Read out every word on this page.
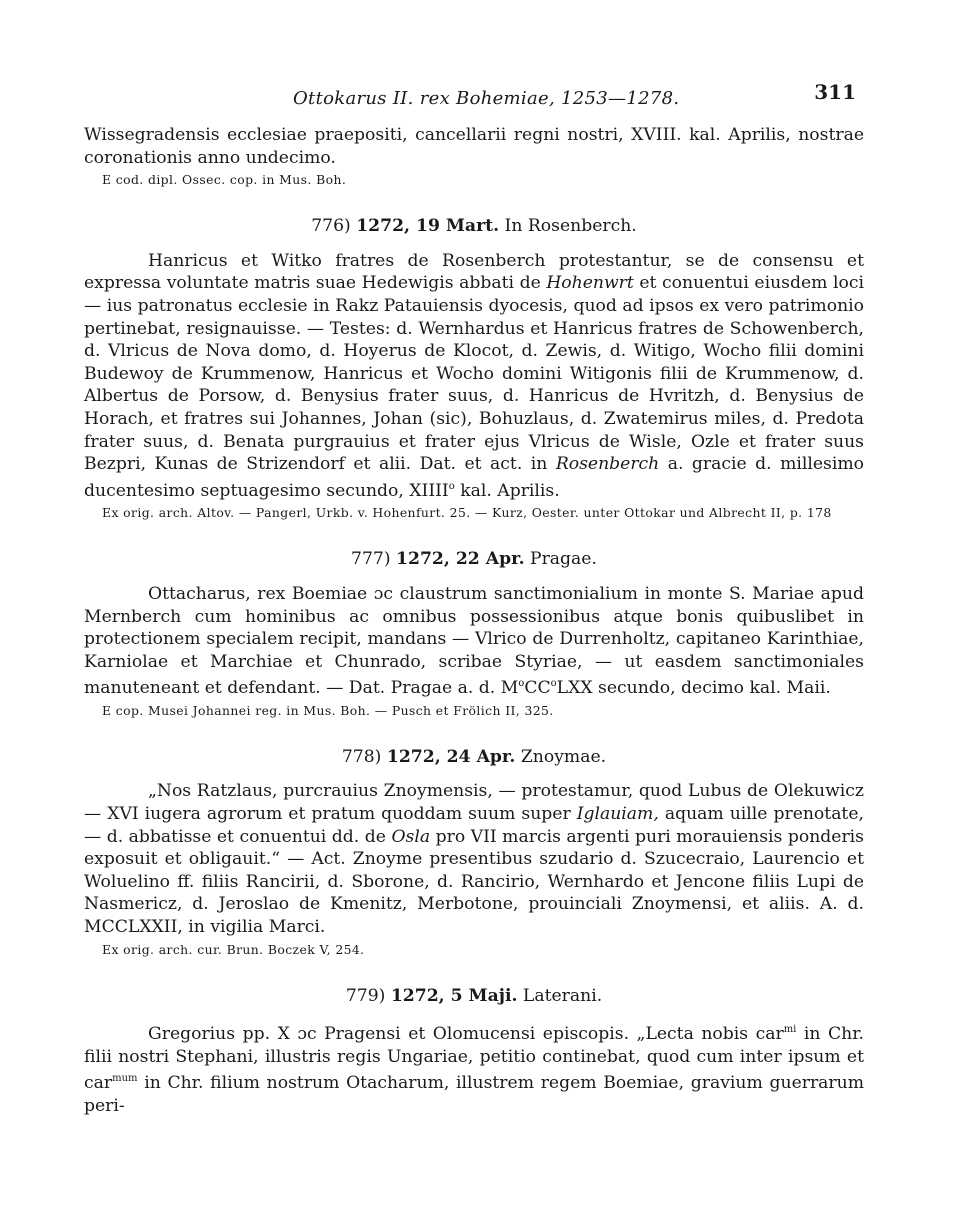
Ottokarus II. rex Bohemiae, 1253—1278.	311

Wissegradensis ecclesiae praepositi, cancellarii regni nostri, XVIII. kal. Aprilis, nostrae coronationis anno undecimo.

E cod. dipl. Ossec. cop. in Mus. Boh.

776) 1272, 19 Mart. In Rosenberch.

Hanricus et Witko fratres de Rosenberch protestantur, se de consensu et expressa voluntate matris suae Hedewigis abbati de Hohenwrt et conuentui eiusdem loci — ius patronatus ecclesie in Rakz Patauiensis dyocesis, quod ad ipsos ex vero patrimonio pertinebat, resignauisse. — Testes: d. Wernhardus et Hanricus fratres de Schowenberch, d. Vlricus de Nova domo, d. Hoyerus de Klocot, d. Zewis, d. Witigo, Wocho filii domini Budewoy de Krummenow, Hanricus et Wocho domini Witigonis filii de Krummenow, d. Albertus de Porsow, d. Benysius frater suus, d. Hanricus de Hvritzh, d. Benysius de Horach, et fratres sui Johannes, Johan (sic), Bohuzlaus, d. Zwatemirus miles, d. Predota frater suus, d. Benata purgrauius et frater ejus Vlricus de Wisle, Ozle et frater suus Bezpri, Kunas de Strizendorf et alii. Dat. et act. in Rosenberch a. gracie d. millesimo ducentesimo septuagesimo secundo, XIIII$^o$ kal. Aprilis.

Ex orig. arch. Altov. — Pangerl, Urkb. v. Hohenfurt. 25. — Kurz, Oester. unter Ottokar und Albrecht II, p. 178

777) 1272, 22 Apr. Pragae.

Ottacharus, rex Boemiae ɔc claustrum sanctimonialium in monte S. Mariae apud Mernberch cum hominibus ac omnibus possessionibus atque bonis quibuslibet in protectionem specialem recipit, mandans — Vlrico de Durrenholtz, capitaneo Karinthiae, Karniolae et Marchiae et Chunrado, scribae Styriae, — ut easdem sanctimoniales manuteneant et defendant. — Dat. Pragae a. d. $M^oCC^oLXX$ secundo, decimo kal. Maii.

E cop. Musei Johannei reg. in Mus. Boh. — Pusch et Frölich II, 325.

778) 1272, 24 Apr. Znoymae.

„Nos Ratzlaus, purcrauius Znoymensis, — protestamur, quod Lubus de Olekuwicz — XVI iugera agrorum et pratum quoddam suum super Iglauiam, aquam uille prenotate, — d. abbatisse et conuentui dd. de Osla pro VII marcis argenti puri morauiensis ponderis exposuit et obligauit.“ — Act. Znoyme presentibus szudario d. Szucecraio, Laurencio et Woluelino ff. filiis Rancirii, d. Sborone, d. Rancirio, Wernhardo et Jencone filiis Lupi de Nasmericz, d. Jeroslao de Kmenitz, Merbotone, prouinciali Znoymensi, et aliis. A. d. MCCLXXII, in vigilia Marci.

Ex orig. arch. cur. Brun. Boczek V, 254.

779) 1272, 5 Maji. Laterani.

Gregorius pp. X ɔc Pragensi et Olomucensi episcopis. „Lecta nobis car$^{mi}$ in Chr. filii nostri Stephani, illustris regis Ungariae, petitio continebat, quod cum inter ipsum et car$^{mum}$ in Chr. filium nostrum Otacharum, illustrem regem Boemiae, gravium guerrarum peri-
